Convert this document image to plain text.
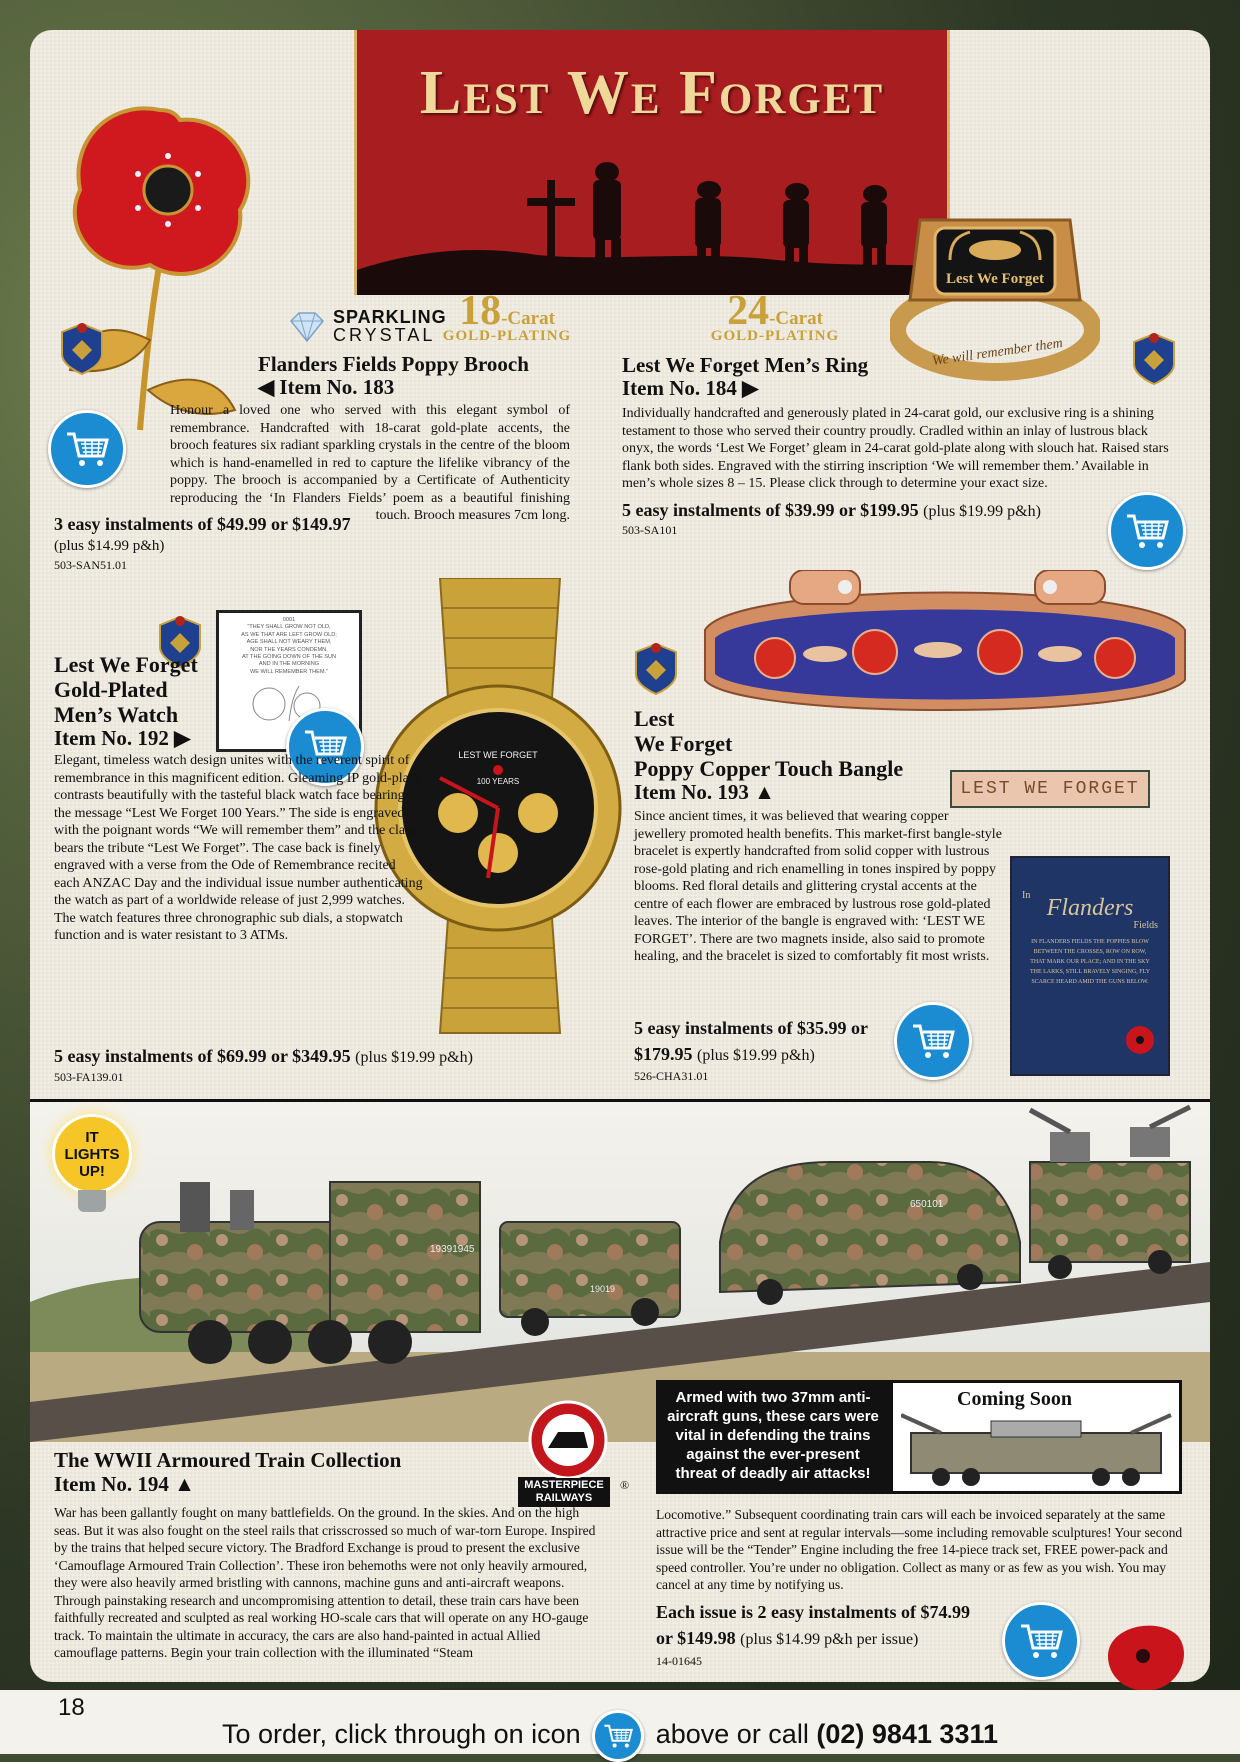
Lest We Forget
SPARKLING
CRYSTAL
18-Carat
GOLD-PLATING
24-Carat
GOLD-PLATING
Lest We Forget
We will remember them
Flanders Fields Poppy Brooch
◀ Item No. 183
Honour a loved one who served with this elegant symbol of remembrance. Handcrafted with 18-carat gold-plate accents, the brooch features six radiant sparkling crystals in the centre of the bloom which is hand-enamelled in red to capture the lifelike vibrancy of the poppy. The brooch is accompanied by a Certificate of Authenticity reproducing the ‘In Flanders Fields’ poem as a beautiful finishing touch. Brooch measures 7cm long.
3 easy instalments of $49.99 or $149.97
(plus $14.99 p&h)
503-SAN51.01
Lest We Forget Men’s Ring
Item No. 184 ▶
Individually handcrafted and generously plated in 24-carat gold, our exclusive ring is a shining testament to those who served their country proudly. Cradled within an inlay of lustrous black onyx, the words ‘Lest We Forget’ gleam in 24-carat gold-plate along with slouch hat. Raised stars flank both sides. Engraved with the stirring inscription ‘We will remember them.’ Available in men’s whole sizes 8 – 15. Please click through to determine your exact size.
5 easy instalments of $39.99 or $199.95 (plus $19.99 p&h)
503-SA101
0001
“THEY SHALL GROW NOT OLD,
AS WE THAT ARE LEFT GROW OLD;
AGE SHALL NOT WEARY THEM,
NOR THE YEARS CONDEMN.
AT THE GOING DOWN OF THE SUN
AND IN THE MORNING
WE WILL REMEMBER THEM.”
LEST WE FORGET
100 YEARS
Lest We Forget
Gold-Plated
Men’s Watch
Item No. 192 ▶
Elegant, timeless watch design unites with the reverent spirit of remembrance in this magnificent edition. Gleaming IP gold-plate contrasts beautifully with the tasteful black watch face bearing the message “Lest We Forget 100 Years.” The side is engraved with the poignant words “We will remember them” and the clasp bears the tribute “Lest We Forget”. The case back is finely engraved with a verse from the Ode of Remembrance recited each ANZAC Day and the individual issue number authenticating the watch as part of a worldwide release of just 2,999 watches. The watch features three chronographic sub dials, a stopwatch function and is water resistant to 3 ATMs.
5 easy instalments of $69.99 or $349.95 (plus $19.99 p&h)
503-FA139.01
LEST WE FORGET
In Flanders
Fields
IN FLANDERS FIELDS THE POPPIES BLOW
BETWEEN THE CROSSES, ROW ON ROW,
THAT MARK OUR PLACE; AND IN THE SKY
THE LARKS, STILL BRAVELY SINGING, FLY
SCARCE HEARD AMID THE GUNS BELOW.
Lest
We Forget
Poppy Copper Touch Bangle
Item No. 193 ▲
Since ancient times, it was believed that wearing copper jewellery promoted health benefits. This market-first bangle-style bracelet is expertly handcrafted from solid copper with lustrous rose-gold plating and rich enamelling in tones inspired by poppy blooms. Red floral details and glittering crystal accents at the centre of each flower are embraced by lustrous rose gold-plated leaves. The interior of the bangle is engraved with: ‘LEST WE FORGET’. There are two magnets inside, also said to promote healing, and the bracelet is sized to comfortably fit most wrists.
5 easy instalments of $35.99 or
$179.95 (plus $19.99 p&h)
526-CHA31.01
19391945
19019
650101
IT
LIGHTS
UP!
MASTERPIECE
RAILWAYS
®
Armed with two 37mm anti-aircraft guns, these cars were vital in defending the trains against the ever-present threat of deadly air attacks!
Coming Soon
The WWII Armoured Train Collection
Item No. 194 ▲
War has been gallantly fought on many battlefields. On the ground. In the skies. And on the high seas. But it was also fought on the steel rails that crisscrossed so much of war-torn Europe. Inspired by the trains that helped secure victory. The Bradford Exchange is proud to present the exclusive ‘Camouflage Armoured Train Collection’. These iron behemoths were not only heavily armoured, they were also heavily armed bristling with cannons, machine guns and anti-aircraft weapons. Through painstaking research and uncompromising attention to detail, these train cars have been faithfully recreated and sculpted as real working HO-scale cars that will operate on any HO-gauge track. To maintain the ultimate in accuracy, the cars are also hand-painted in actual Allied camouflage patterns. Begin your train collection with the illuminated “Steam
Locomotive.” Subsequent coordinating train cars will each be invoiced separately at the same attractive price and sent at regular intervals—some including removable sculptures! Your second issue will be the “Tender” Engine including the free 14-piece track set, FREE power-pack and speed controller. You’re under no obligation. Collect as many or as few as you wish. You may cancel at any time by notifying us.
Each issue is 2 easy instalments of $74.99
or $149.98 (plus $14.99 p&h per issue)
14-01645
18
To order, click through on icon	above or call (02) 9841 3311
